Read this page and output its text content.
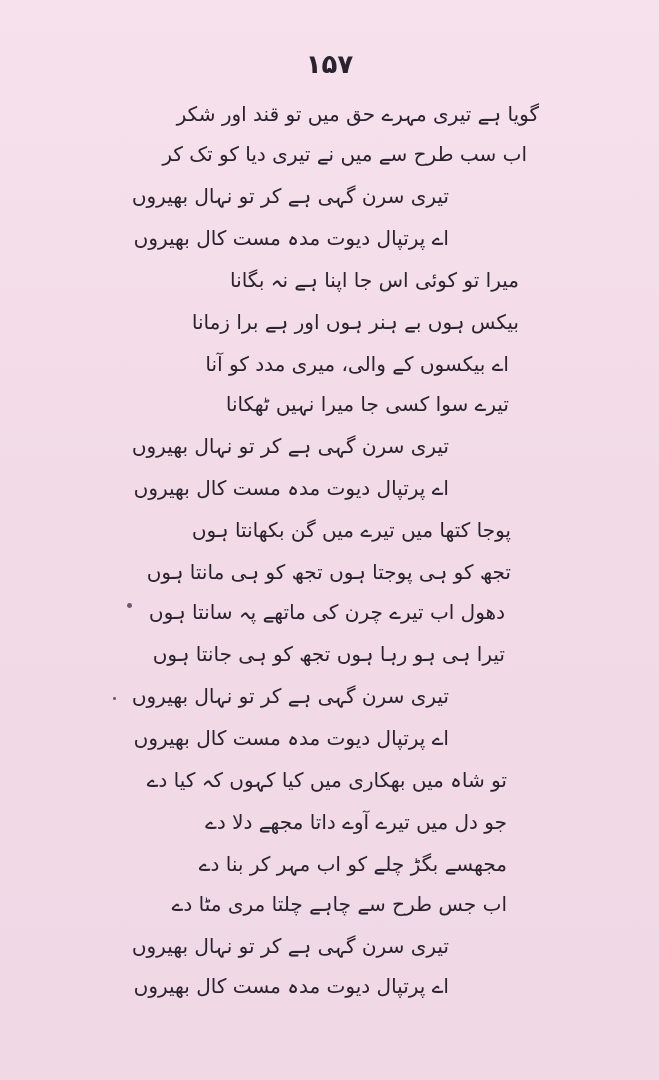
۱۵۷
گویا ہے تیری مہرے حق میں تو قند اور شکر
اب سب طرح سے میں نے تیری دیا کو تک کر
تیری سرن گہی ہے کر تو نہال بھیروں
اے پرتپال دیوت مدہ مست کال بھیروں
میرا تو کوئی اس جا اپنا ہے نہ بگانا
بیکس ہوں بے ہنر ہوں اور ہے برا زمانا
اے بیکسوں کے والی، میری مدد کو آنا
تیرے سوا کسی جا میرا نہیں ٹھکانا
تیری سرن گہی ہے کر تو نہال بھیروں
اے پرتپال دیوت مدہ مست کال بھیروں
پوجا کتھا میں تیرے میں گن بکھانتا ہوں
تجھ کو ہی پوجتا ہوں تجھ کو ہی مانتا ہوں
دھول اب تیرے چرن کی ماتھے پہ سانتا ہوں
تیرا ہی ہو رہا ہوں تجھ کو ہی جانتا ہوں
تیری سرن گہی ہے کر تو نہال بھیروں
اے پرتپال دیوت مدہ مست کال بھیروں
تو شاہ میں بھکاری میں کیا کہوں کہ کیا دے
جو دل میں تیرے آوے داتا مجھے دلا دے
مجھسے بگڑ چلے کو اب مہر کر بنا دے
اب جس طرح سے چاہے چلتا مری مٹا دے
تیری سرن گہی ہے کر تو نہال بھیروں
اے پرتپال دیوت مدہ مست کال بھیروں
